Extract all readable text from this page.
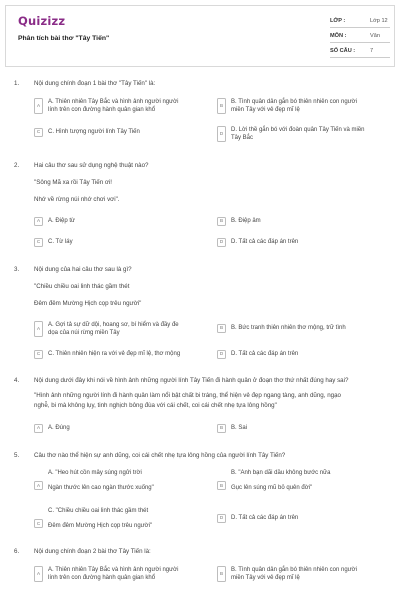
Quizizz
Phân tích bài thơ "Tây Tiến"
LỚP :	Lớp 12
MÔN :	Văn
SỐ CÂU :	7
1. Nội dung chính đoạn 1 bài thơ "Tây Tiến" là:
A
A. Thiên nhiên Tây Bắc và hình ảnh người người
lính trên con đường hành quân gian khổ
B
B. Tình quân dân gắn bó thiên nhiên con người
miền Tây với vẻ đẹp mĩ lệ
C	C. Hình tượng người lính Tây Tiến	D
D. Lời thề gắn bó với đoàn quân Tây Tiến và miền
Tây Bắc
2. Hai câu thơ sau sử dụng nghệ thuật nào?
"Sông Mã xa rồi Tây Tiến ơi!
Nhớ về rừng núi nhớ chơi vơi".
A	A. Điệp từ	B	B. Điệp âm
C	C. Từ láy	D	D. Tất cả các đáp án trên
3. Nội dung của hai câu thơ sau là gì?
"Chiều chiều oai linh thác gầm thét
Đêm đêm Mường Hịch cọp trêu người"
A
A. Gợi tả sự dữ dội, hoang sơ, bí hiểm và đầy đe
dọa của núi rừng miền Tây
B	B. Bức tranh thiên nhiên thơ mộng, trữ tình
C	C. Thiên nhiên hiện ra với vẻ đẹp mĩ lệ, thơ mộng	D	D. Tất cả các đáp án trên
4. Nội dung dưới đây khi nói về hình ảnh những người lính Tây Tiến đi hành quân ở đoạn thơ thứ nhất đúng hay sai?
"Hình ảnh những người lính đi hành quân làm nổi bật chất bi tráng, thể hiện vẻ đẹp ngang tàng, anh dũng, ngạo
nghễ, bi mà không lụy, tinh nghịch bông đùa với cái chết, coi cái chết nhẹ tựa lông hồng"
A	A. Đúng	B	B. Sai
5. Câu thơ nào thể hiện sự anh dũng, coi cái chết nhẹ tựa lông hồng của người lính Tây Tiến?
A
A. "Heo hút cồn mây súng ngửi trời
Ngàn thước lên cao ngàn thước xuống"
B
B. "Anh bạn dãi dầu không bước nữa
Gục lên súng mũ bỏ quên đời"
C
C. "Chiều chiều oai linh thác gầm thét
Đêm đêm Mường Hịch cọp trêu người"
D	D. Tất cả các đáp án trên
6. Nội dung chính đoạn 2 bài thơ Tây Tiến là:
A
A. Thiên nhiên Tây Bắc và hình ảnh người người
lính trên con đường hành quân gian khổ
B
B. Tình quân dân gắn bó thiên nhiên con người
miền Tây với vẻ đẹp mĩ lệ
